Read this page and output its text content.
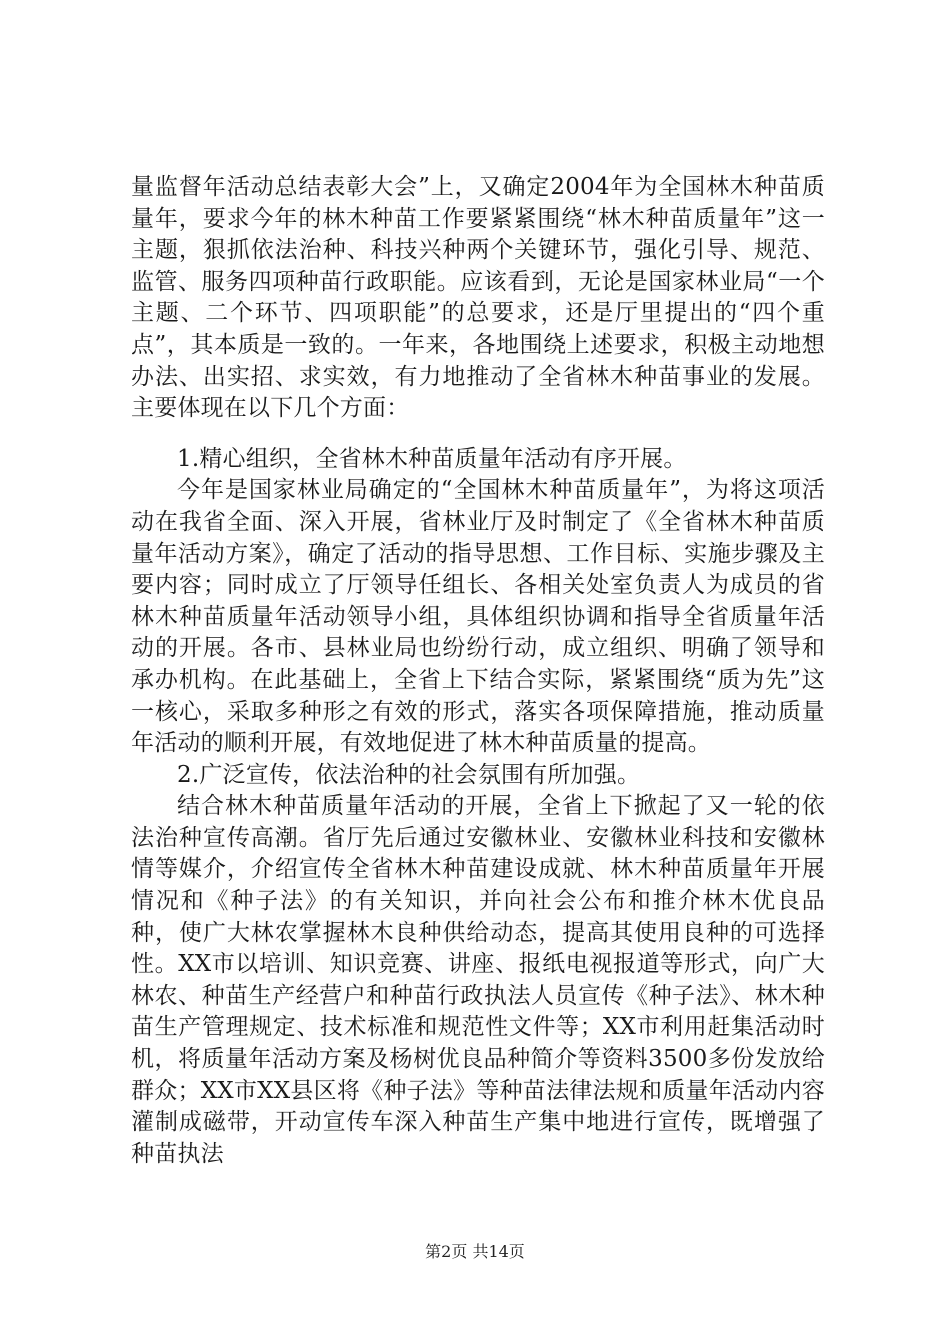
量监督年活动总结表彰大会”上，又确定2004年为全国林木种苗质量年，要求今年的林木种苗工作要紧紧围绕“林木种苗质量年”这一主题，狠抓依法治种、科技兴种两个关键环节，强化引导、规范、监管、服务四项种苗行政职能。应该看到，无论是国家林业局“一个主题、二个环节、四项职能”的总要求，还是厅里提出的“四个重点”，其本质是一致的。一年来，各地围绕上述要求，积极主动地想办法、出实招、求实效，有力地推动了全省林木种苗事业的发展。主要体现在以下几个方面：

1.精心组织，全省林木种苗质量年活动有序开展。

今年是国家林业局确定的“全国林木种苗质量年”，为将这项活动在我省全面、深入开展，省林业厅及时制定了《全省林木种苗质量年活动方案》，确定了活动的指导思想、工作目标、实施步骤及主要内容；同时成立了厅领导任组长、各相关处室负责人为成员的省林木种苗质量年活动领导小组，具体组织协调和指导全省质量年活动的开展。各市、县林业局也纷纷行动，成立组织、明确了领导和承办机构。在此基础上，全省上下结合实际，紧紧围绕“质为先”这一核心，采取多种形之有效的形式，落实各项保障措施，推动质量年活动的顺利开展，有效地促进了林木种苗质量的提高。

2.广泛宣传，依法治种的社会氛围有所加强。

结合林木种苗质量年活动的开展，全省上下掀起了又一轮的依法治种宣传高潮。省厅先后通过安徽林业、安徽林业科技和安徽林情等媒介，介绍宣传全省林木种苗建设成就、林木种苗质量年开展情况和《种子法》的有关知识，并向社会公布和推介林木优良品种，使广大林农掌握林木良种供给动态，提高其使用良种的可选择性。XX市以培训、知识竞赛、讲座、报纸电视报道等形式，向广大林农、种苗生产经营户和种苗行政执法人员宣传《种子法》、林木种苗生产管理规定、技术标准和规范性文件等；XX市利用赶集活动时机，将质量年活动方案及杨树优良品种简介等资料3500多份发放给群众；XX市XX县区将《种子法》等种苗法律法规和质量年活动内容灌制成磁带，开动宣传车深入种苗生产集中地进行宣传，既增强了种苗执法

第2页 共14页
